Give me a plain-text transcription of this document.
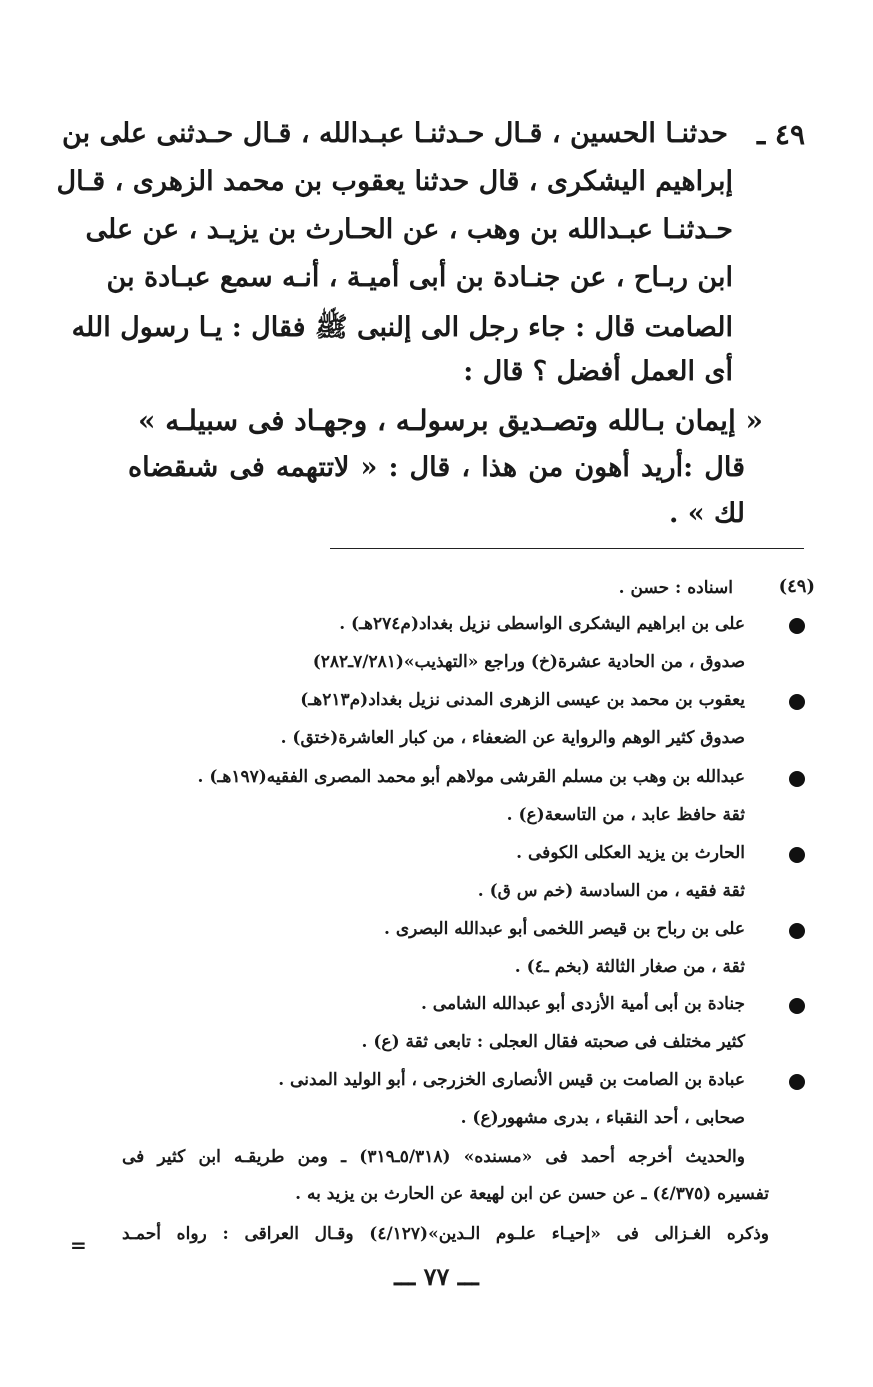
٤٩ ـ
حدثنـا الحسين ، قـال حـدثنـا عبـدالله ، قـال حـدثنى على بن
إبراهيم اليشكرى ، قال حدثنا يعقوب بن محمد الزهرى ، قـال
حـدثنـا عبـدالله بن وهب ، عن الحـارث بن يزيـد ، عن على
ابن ربـاح ، عن جنـادة بن أبى أميـة ، أنـه سمع عبـادة بن
الصامت قال : جاء رجل الى إلنبى ﷺ فقال : يـا رسول الله
أى العمل أفضل ؟ قال :
« إيمان بـالله وتصـديق برسولـه ، وجهـاد فى سبيلـه »
قال :أريد أهون من هذا ، قال : « لاتتهمه فى شىقضاه
لك » .
(٤٩)
اسناده : حسن .
على بن ابراهيم اليشكرى الواسطى نزيل بغداد(م٢٧٤هـ) .
صدوق ، من الحادية عشرة(خ) وراجع «التهذيب»(٧/٢٨١ـ٢٨٢)
يعقوب بن محمد بن عيسى الزهرى المدنى نزيل بغداد(م٢١٣هـ)
صدوق كثير الوهم والرواية عن الضعفاء ، من كبار العاشرة(ختق) .
عبدالله بن وهب بن مسلم القرشى مولاهم أبو محمد المصرى الفقيه(١٩٧هـ) .
ثقة حافظ عابد ، من التاسعة(ع) .
الحارث بن يزيد العكلى الكوفى .
ثقة فقيه ، من السادسة (خم س ق) .
على بن رباح بن قيصر اللخمى أبو عبدالله البصرى .
ثقة ، من صغار الثالثة (بخم ـ٤) .
جنادة بن أبى أمية الأزدى أبو عبدالله الشامى .
كثير مختلف فى صحبته فقال العجلى : تابعى ثقة (ع) .
عبادة بن الصامت بن قيس الأنصارى الخزرجى ، أبو الوليد المدنى .
صحابى ، أحد النقباء ، بدرى مشهور(ع) .
والحديث أخرجه أحمد فى «مسنده» (٥/٣١٨ـ٣١٩) ـ ومن طريقـه ابن كثير فى
تفسيره (٤/٣٧٥) ـ عن حسن عن ابن لهيعة عن الحارث بن يزيد به .
وذكره الغـزالى فى «إحيـاء علـوم الـدين»(٤/١٢٧) وقـال العراقى : رواه أحمـد
=
ـــ ٧٧ ـــ
